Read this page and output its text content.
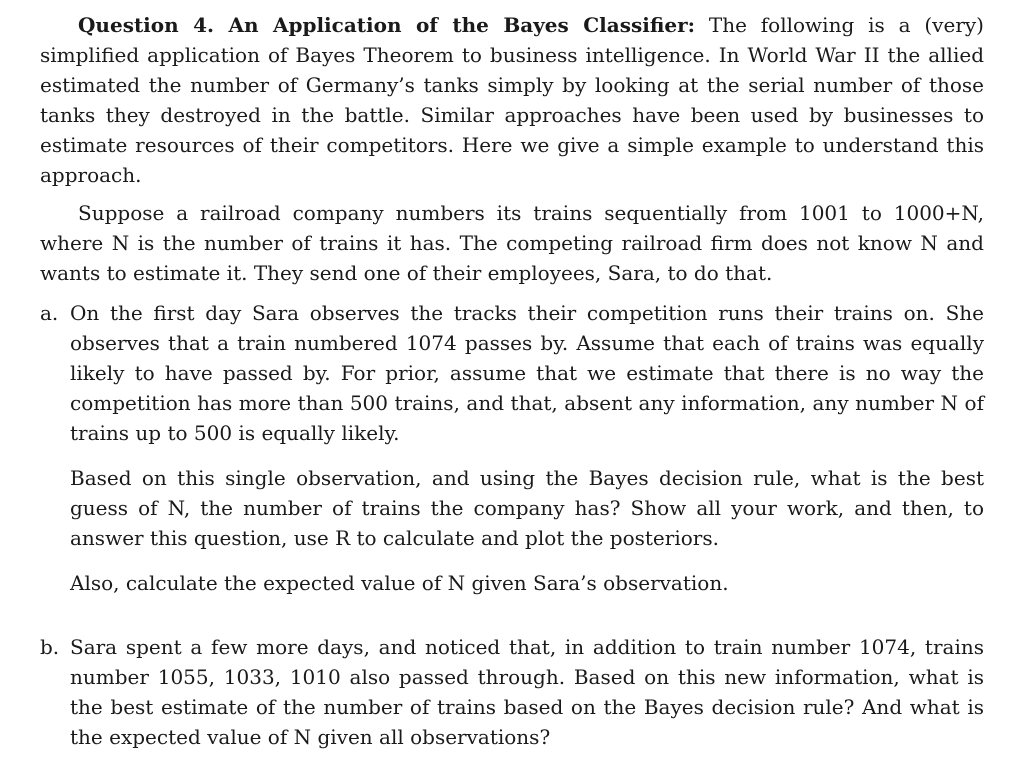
Question 4. An Application of the Bayes Classifier: The following is a (very) simplified application of Bayes Theorem to business intelligence. In World War II the allied estimated the number of Germany’s tanks simply by looking at the serial number of those tanks they destroyed in the battle. Similar approaches have been used by businesses to estimate resources of their competitors. Here we give a simple example to understand this approach.

Suppose a railroad company numbers its trains sequentially from 1001 to 1000+N, where N is the number of trains it has. The competing railroad firm does not know N and wants to estimate it. They send one of their employees, Sara, to do that.

a. On the first day Sara observes the tracks their competition runs their trains on. She observes that a train numbered 1074 passes by. Assume that each of trains was equally likely to have passed by. For prior, assume that we estimate that there is no way the competition has more than 500 trains, and that, absent any information, any number N of trains up to 500 is equally likely.

Based on this single observation, and using the Bayes decision rule, what is the best guess of N, the number of trains the company has? Show all your work, and then, to answer this question, use R to calculate and plot the posteriors.

Also, calculate the expected value of N given Sara’s observation.

b. Sara spent a few more days, and noticed that, in addition to train number 1074, trains number 1055, 1033, 1010 also passed through. Based on this new information, what is the best estimate of the number of trains based on the Bayes decision rule? And what is the expected value of N given all observations?
